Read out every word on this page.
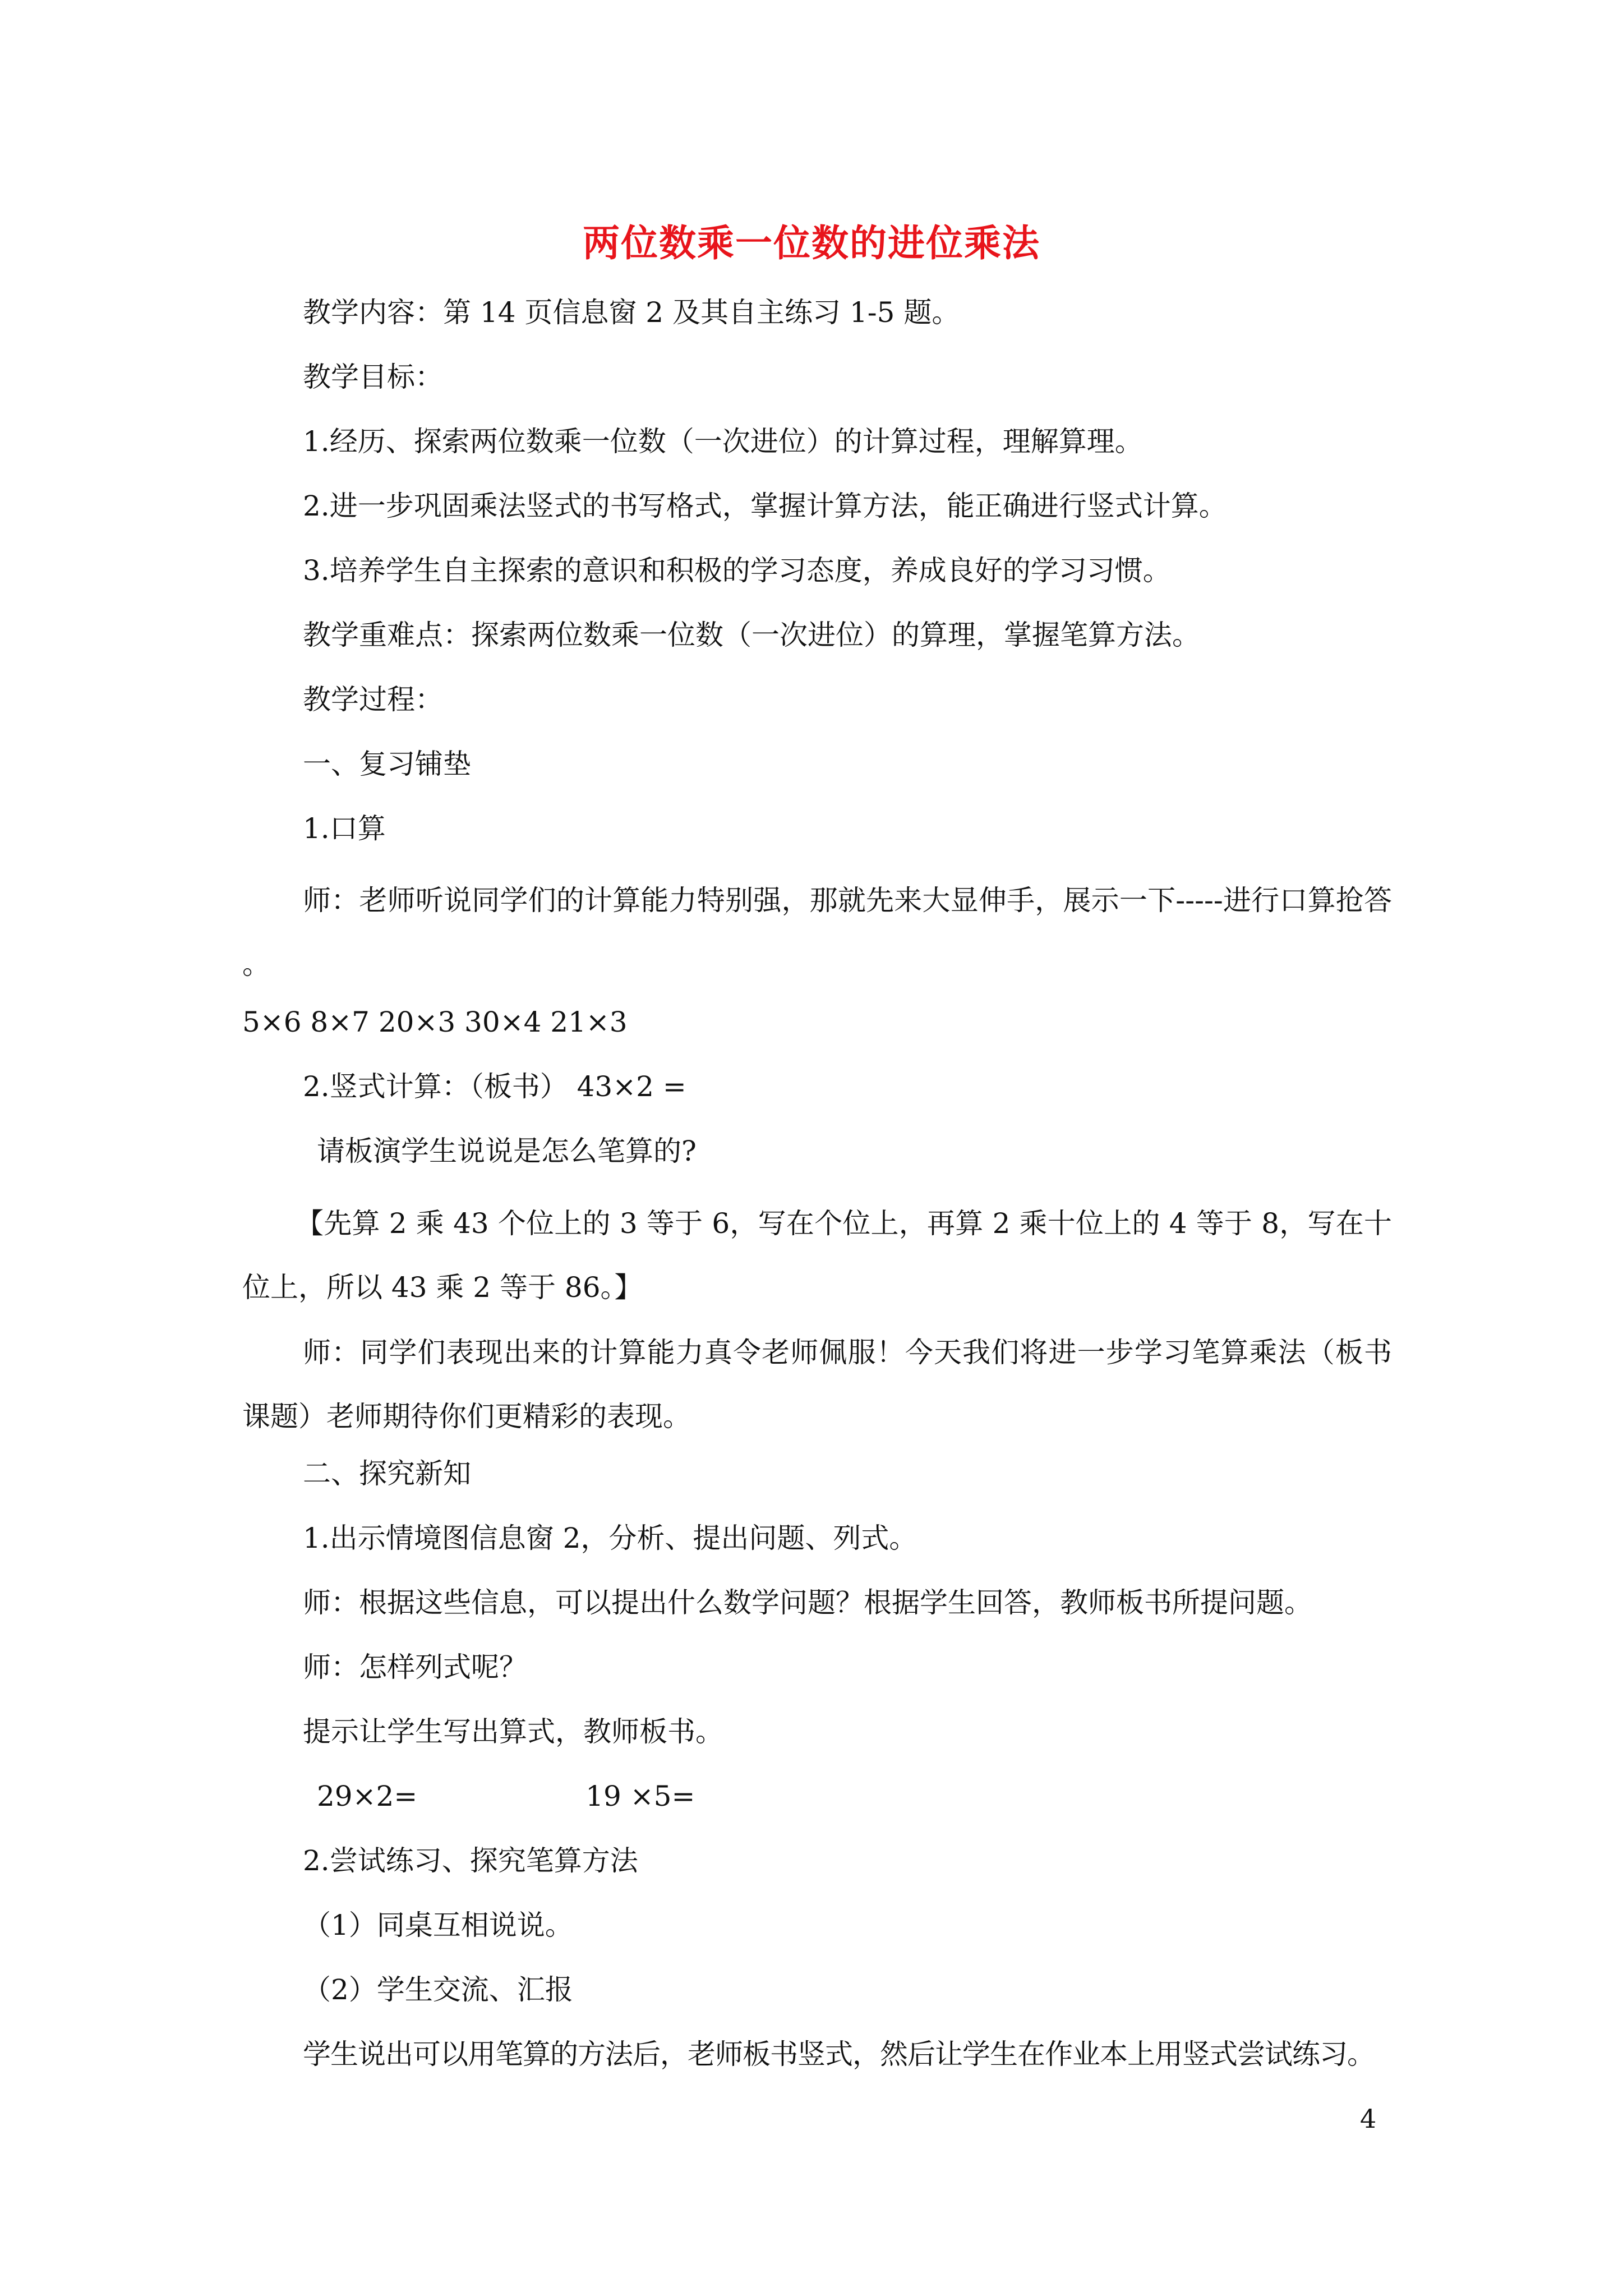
两位数乘一位数的进位乘法
教学内容：第 14 页信息窗 2 及其自主练习 1-5 题。
教学目标：
1.经历、探索两位数乘一位数（一次进位）的计算过程，理解算理。
2.进一步巩固乘法竖式的书写格式，掌握计算方法，能正确进行竖式计算。
3.培养学生自主探索的意识和积极的学习态度，养成良好的学习习惯。
教学重难点：探索两位数乘一位数（一次进位）的算理，掌握笔算方法。
教学过程：
一、复习铺垫
1.口算
师：老师听说同学们的计算能力特别强，那就先来大显伸手，展示一下-----进行口算抢答 。
5×6 8×7 20×3 30×4 21×3
2.竖式计算：（板书） 43×2 =
请板演学生说说是怎么笔算的?
【先算 2 乘 43 个位上的 3 等于 6，写在个位上，再算 2 乘十位上的 4 等于 8，写在十位上，所以 43 乘 2 等于 86。】
师：同学们表现出来的计算能力真令老师佩服！今天我们将进一步学习笔算乘法（板书课题）老师期待你们更精彩的表现。
二、探究新知
1.出示情境图信息窗 2，分析、提出问题、列式。
师：根据这些信息，可以提出什么数学问题？根据学生回答，教师板书所提问题。
师：怎样列式呢？
提示让学生写出算式，教师板书。
29×2=	19 ×5=
2.尝试练习、探究笔算方法
（1）同桌互相说说。
（2）学生交流、汇报
学生说出可以用笔算的方法后，老师板书竖式，然后让学生在作业本上用竖式尝试练习。
4
